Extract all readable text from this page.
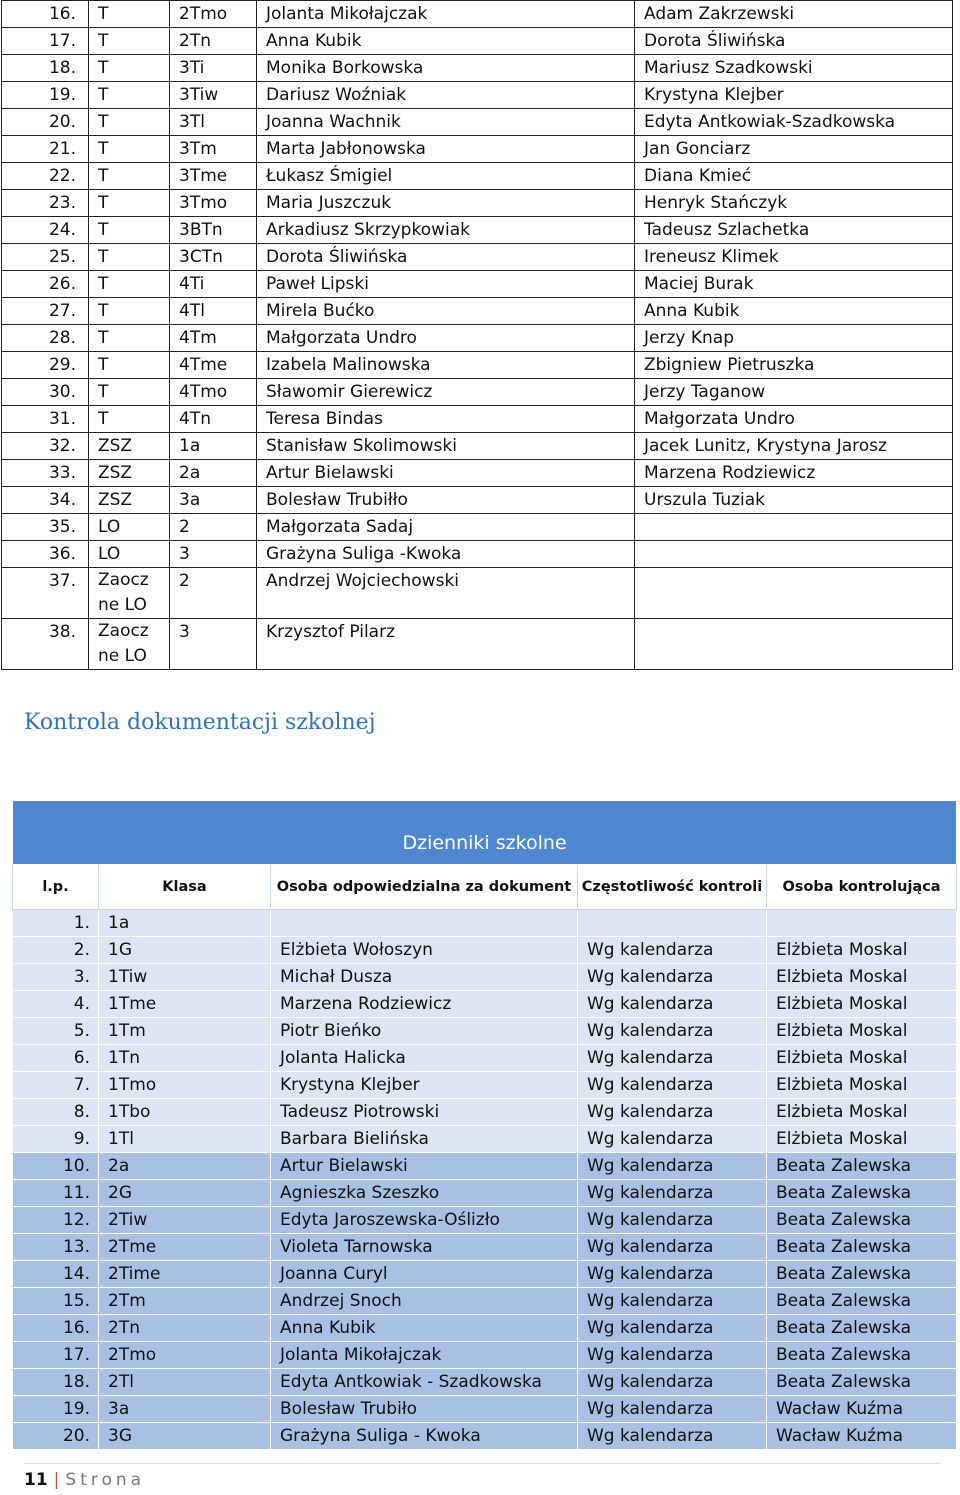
16.	T	2Tmo	Jolanta Mikołajczak	Adam Zakrzewski
17.	T	2Tn	Anna Kubik	Dorota Śliwińska
18.	T	3Ti	Monika Borkowska	Mariusz Szadkowski
19.	T	3Tiw	Dariusz Woźniak	Krystyna Klejber
20.	T	3Tl	Joanna Wachnik	Edyta Antkowiak-Szadkowska
21.	T	3Tm	Marta Jabłonowska	Jan Gonciarz
22.	T	3Tme	Łukasz Śmigiel	Diana Kmieć
23.	T	3Tmo	Maria Juszczuk	Henryk Stańczyk
24.	T	3BTn	Arkadiusz Skrzypkowiak	Tadeusz Szlachetka
25.	T	3CTn	Dorota Śliwińska	Ireneusz Klimek
26.	T	4Ti	Paweł Lipski	Maciej Burak
27.	T	4Tl	Mirela Bućko	Anna Kubik
28.	T	4Tm	Małgorzata Undro	Jerzy Knap
29.	T	4Tme	Izabela Malinowska	Zbigniew Pietruszka
30.	T	4Tmo	Sławomir Gierewicz	Jerzy Taganow
31.	T	4Tn	Teresa Bindas	Małgorzata Undro
32.	ZSZ	1a	Stanisław Skolimowski	Jacek Lunitz, Krystyna Jarosz
33.	ZSZ	2a	Artur Bielawski	Marzena Rodziewicz
34.	ZSZ	3a	Bolesław Trubiłło	Urszula Tuziak
35.	LO	2	Małgorzata Sadaj	
36.	LO	3	Grażyna Suliga -Kwoka	
37.	Zaocz ne LO	2	Andrzej Wojciechowski	
38.	Zaocz ne LO	3	Krzysztof Pilarz	
Kontrola dokumentacji szkolnej
Dzienniki szkolne				
l.p.	Klasa	Osoba odpowiedzialna za dokument	Częstotliwość kontroli	Osoba kontrolująca
1.	1a			
2.	1G	Elżbieta Wołoszyn	Wg kalendarza	Elżbieta Moskal
3.	1Tiw	Michał Dusza	Wg kalendarza	Elżbieta Moskal
4.	1Tme	Marzena Rodziewicz	Wg kalendarza	Elżbieta Moskal
5.	1Tm	Piotr Bieńko	Wg kalendarza	Elżbieta Moskal
6.	1Tn	Jolanta Halicka	Wg kalendarza	Elżbieta Moskal
7.	1Tmo	Krystyna Klejber	Wg kalendarza	Elżbieta Moskal
8.	1Tbo	Tadeusz Piotrowski	Wg kalendarza	Elżbieta Moskal
9.	1Tl	Barbara Bielińska	Wg kalendarza	Elżbieta Moskal
10.	2a	Artur Bielawski	Wg kalendarza	Beata Zalewska
11.	2G	Agnieszka Szeszko	Wg kalendarza	Beata Zalewska
12.	2Tiw	Edyta Jaroszewska-Oślizło	Wg kalendarza	Beata Zalewska
13.	2Tme	Violeta Tarnowska	Wg kalendarza	Beata Zalewska
14.	2Time	Joanna Curyl	Wg kalendarza	Beata Zalewska
15.	2Tm	Andrzej Snoch	Wg kalendarza	Beata Zalewska
16.	2Tn	Anna Kubik	Wg kalendarza	Beata Zalewska
17.	2Tmo	Jolanta Mikołajczak	Wg kalendarza	Beata Zalewska
18.	2Tl	Edyta Antkowiak - Szadkowska	Wg kalendarza	Beata Zalewska
19.	3a	Bolesław Trubiło	Wg kalendarza	Wacław Kuźma
20.	3G	Grażyna Suliga - Kwoka	Wg kalendarza	Wacław Kuźma
11 | Strona
